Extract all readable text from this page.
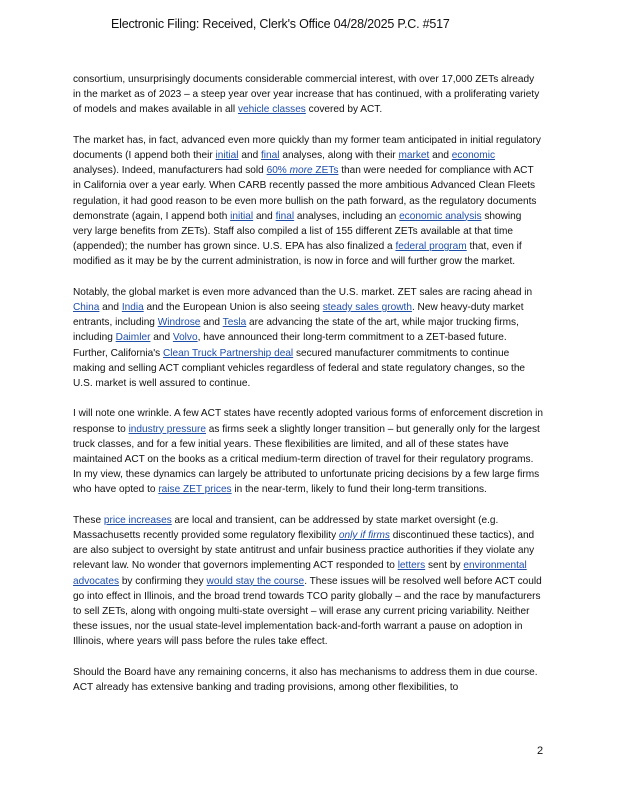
Electronic Filing: Received, Clerk's Office 04/28/2025 P.C. #517

consortium, unsurprisingly documents considerable commercial interest, with over 17,000 ZETs already in the market as of 2023 – a steep year over year increase that has continued, with a proliferating variety of models and makes available in all vehicle classes covered by ACT.

The market has, in fact, advanced even more quickly than my former team anticipated in initial regulatory documents (I append both their initial and final analyses, along with their market and economic analyses). Indeed, manufacturers had sold 60% more ZETs than were needed for compliance with ACT in California over a year early. When CARB recently passed the more ambitious Advanced Clean Fleets regulation, it had good reason to be even more bullish on the path forward, as the regulatory documents demonstrate (again, I append both initial and final analyses, including an economic analysis showing very large benefits from ZETs). Staff also compiled a list of 155 different ZETs available at that time (appended); the number has grown since. U.S. EPA has also finalized a federal program that, even if modified as it may be by the current administration, is now in force and will further grow the market.

Notably, the global market is even more advanced than the U.S. market. ZET sales are racing ahead in China and India and the European Union is also seeing steady sales growth. New heavy-duty market entrants, including Windrose and Tesla are advancing the state of the art, while major trucking firms, including Daimler and Volvo, have announced their long-term commitment to a ZET-based future. Further, California's Clean Truck Partnership deal secured manufacturer commitments to continue making and selling ACT compliant vehicles regardless of federal and state regulatory changes, so the U.S. market is well assured to continue.

I will note one wrinkle. A few ACT states have recently adopted various forms of enforcement discretion in response to industry pressure as firms seek a slightly longer transition – but generally only for the largest truck classes, and for a few initial years. These flexibilities are limited, and all of these states have maintained ACT on the books as a critical medium-term direction of travel for their regulatory programs. In my view, these dynamics can largely be attributed to unfortunate pricing decisions by a few large firms who have opted to raise ZET prices in the near-term, likely to fund their long-term transitions.

These price increases are local and transient, can be addressed by state market oversight (e.g. Massachusetts recently provided some regulatory flexibility only if firms discontinued these tactics), and are also subject to oversight by state antitrust and unfair business practice authorities if they violate any relevant law. No wonder that governors implementing ACT responded to letters sent by environmental advocates by confirming they would stay the course. These issues will be resolved well before ACT could go into effect in Illinois, and the broad trend towards TCO parity globally – and the race by manufacturers to sell ZETs, along with ongoing multi-state oversight – will erase any current pricing variability. Neither these issues, nor the usual state-level implementation back-and-forth warrant a pause on adoption in Illinois, where years will pass before the rules take effect.

Should the Board have any remaining concerns, it also has mechanisms to address them in due course. ACT already has extensive banking and trading provisions, among other flexibilities, to

2
